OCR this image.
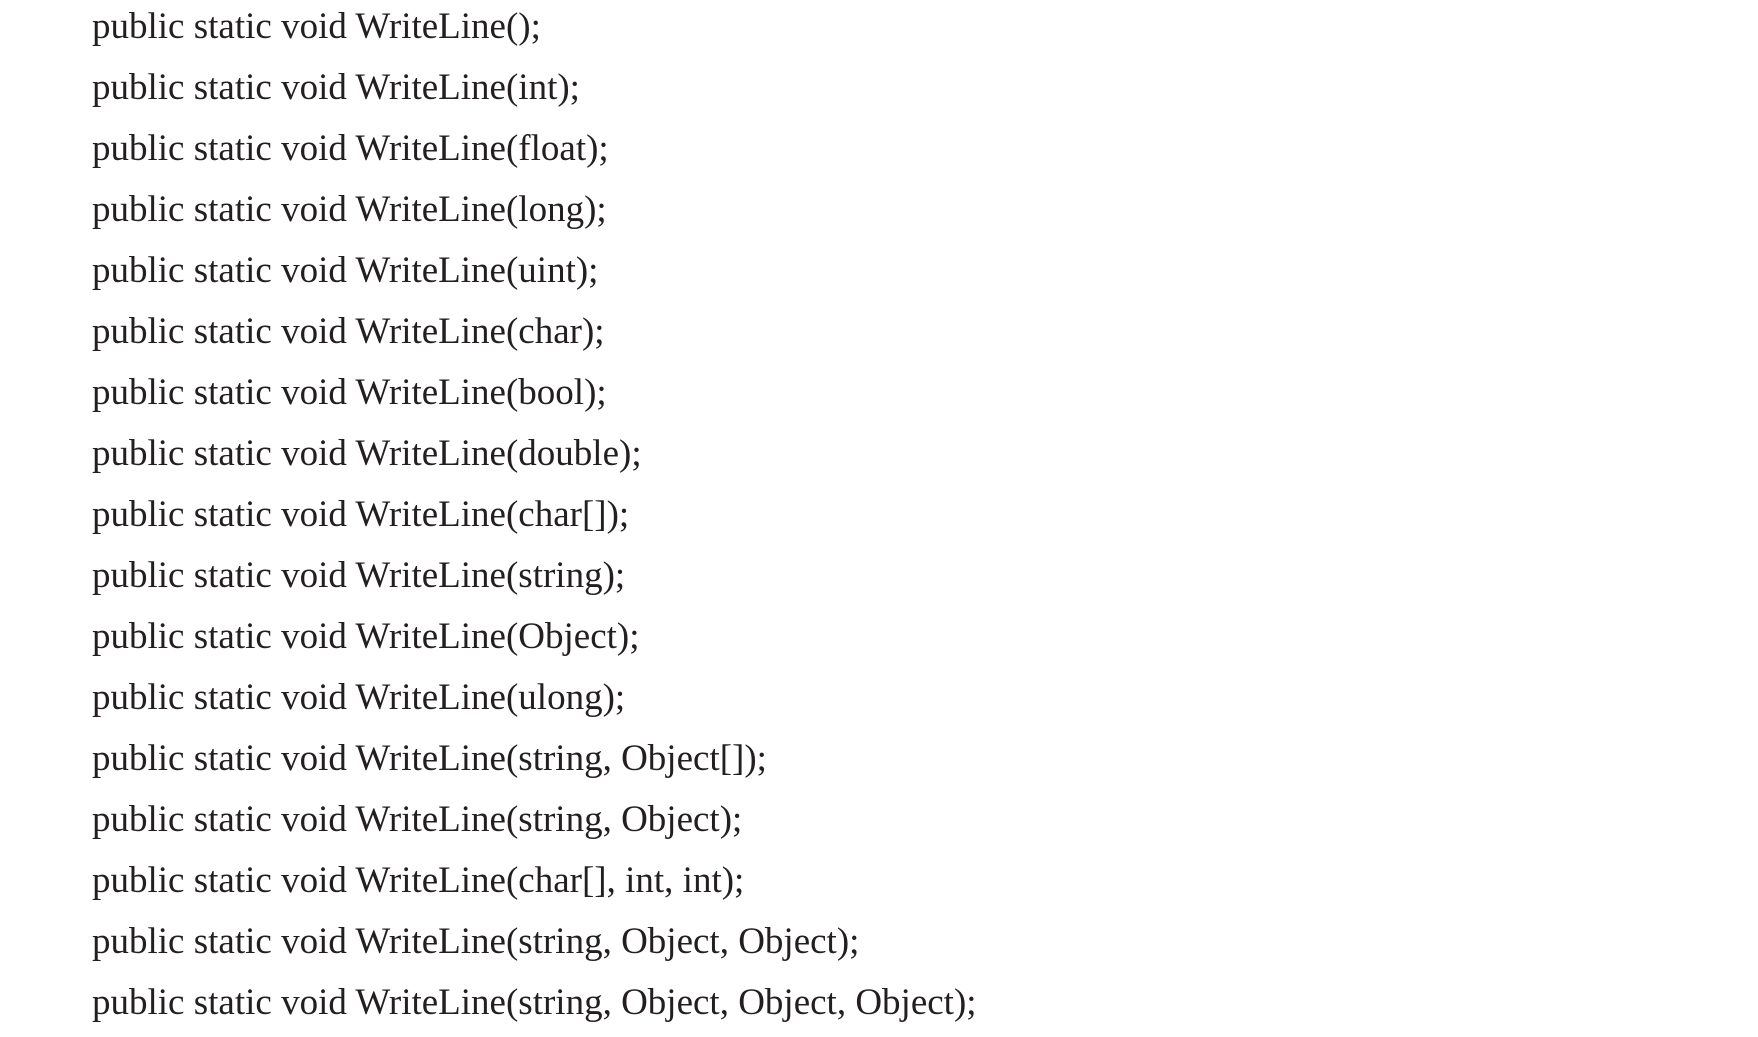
public static void WriteLine();
public static void WriteLine(int);
public static void WriteLine(float);
public static void WriteLine(long);
public static void WriteLine(uint);
public static void WriteLine(char);
public static void WriteLine(bool);
public static void WriteLine(double);
public static void WriteLine(char[]);
public static void WriteLine(string);
public static void WriteLine(Object);
public static void WriteLine(ulong);
public static void WriteLine(string, Object[]);
public static void WriteLine(string, Object);
public static void WriteLine(char[], int, int);
public static void WriteLine(string, Object, Object);
public static void WriteLine(string, Object, Object, Object);
